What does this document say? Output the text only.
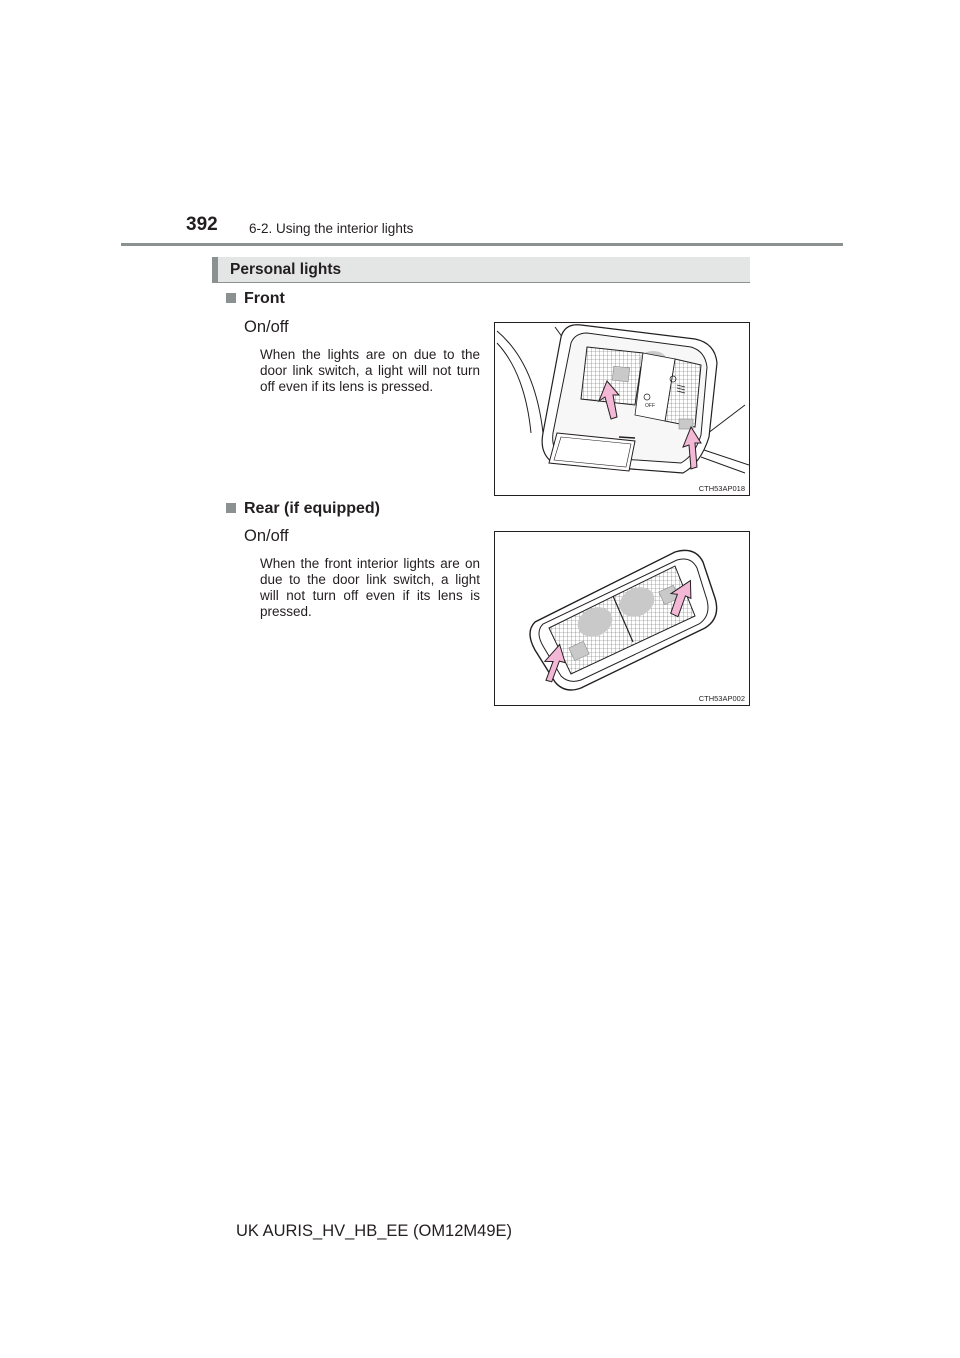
392 6-2. Using the interior lights
Personal lights
Front
On/off
When the lights are on due to the door link switch, a light will not turn off even if its lens is pressed.
OFF
CTH53AP018
Rear (if equipped)
On/off
When the front interior lights are on due to the door link switch, a light will not turn off even if its lens is pressed.
CTH53AP002
UK AURIS_HV_HB_EE (OM12M49E)
